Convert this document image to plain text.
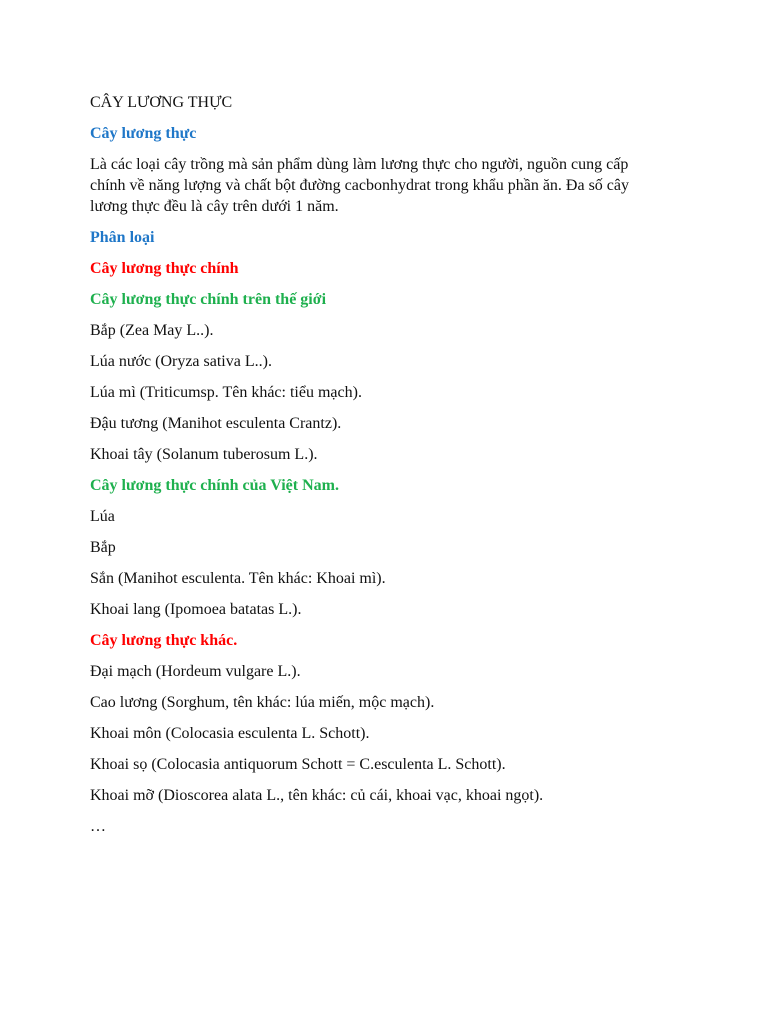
CÂY LƯƠNG THỰC
Cây lương thực
Là các loại cây trồng mà sản phẩm dùng làm lương thực cho người, nguồn cung cấp chính về năng lượng và chất bột đường cacbonhydrat trong khẩu phần ăn. Đa số cây lương thực đều là cây trên dưới 1 năm.
Phân loại
Cây lương thực chính
Cây lương thực chính trên thế giới
Bắp (Zea May L..).
Lúa nước (Oryza sativa L..).
Lúa mì (Triticumsp. Tên khác: tiểu mạch).
Đậu tương (Manihot esculenta Crantz).
Khoai tây (Solanum tuberosum L.).
Cây lương thực chính của Việt Nam.
Lúa
Bắp
Sắn (Manihot esculenta. Tên khác: Khoai mì).
Khoai lang (Ipomoea batatas L.).
Cây lương thực khác.
Đại mạch (Hordeum vulgare L.).
Cao lương (Sorghum, tên khác: lúa miến, mộc mạch).
Khoai môn (Colocasia esculenta L. Schott).
Khoai sọ (Colocasia antiquorum Schott = C.esculenta L. Schott).
Khoai mỡ (Dioscorea alata L., tên khác: củ cái, khoai vạc, khoai ngọt).
…
